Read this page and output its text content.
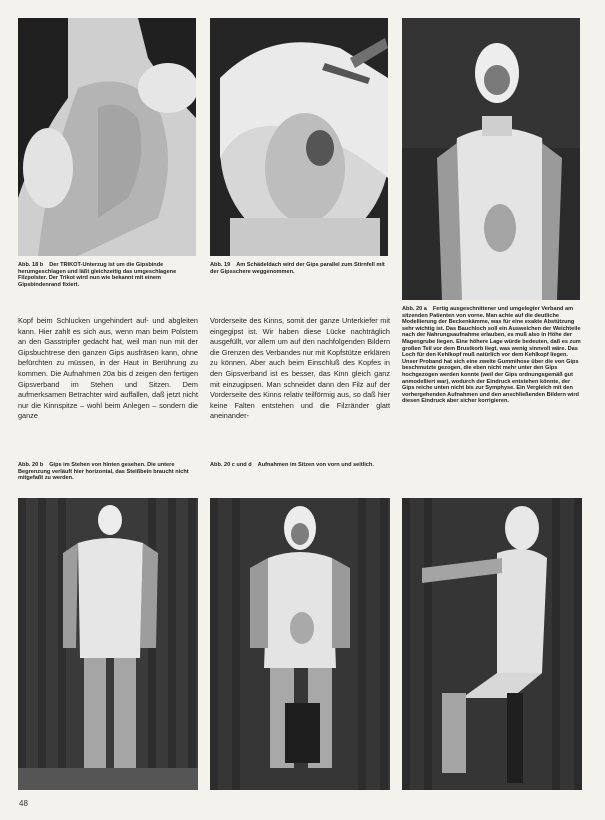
Abb. 18 b Der TRIKOT-Unterzug ist um die Gipsbinde herumgeschlagen und läßt gleichzeitig das umgeschlagene Filzpolster. Der Trikot wird nun wie bekannt mit einem Gipsbindenrand fixiert.

Abb. 19 Am Schädeldach wird der Gips parallel zum Stirnfell mit der Gipsschere weggenommen.

Abb. 20 a Fertig ausgeschnittener und umgelegter Verband am sitzenden Patienten von vorne. Man achte auf die deutliche Modellierung der Beckenkämme, was für eine exakte Abstützung sehr wichtig ist. Das Bauchloch soll ein Ausweichen der Weichteile nach der Nahrungsaufnahme erlauben, es muß also in Höhe der Magengrube liegen. Eine höhere Lage würde bedeuten, daß es zum großen Teil vor dem Brustkorb liegt, was wenig sinnvoll wäre. Das Loch für den Kehlkopf muß natürlich vor dem Kehlkopf liegen. Unser Proband hat sich eine zweite Gummihose über die von Gips beschmutzte gezogen, die eben nicht mehr unter den Gips hochgezogen werden konnte (weil der Gips ordnungsgemäß gut anmodelliert war), wodurch der Eindruck entstehen könnte, der Gips reiche unten nicht bis zur Symphyse. Ein Vergleich mit den vorhergehenden Aufnahmen und den anschließenden Bildern wird diesen Eindruck aber sicher korrigieren.

Kopf beim Schlucken ungehindert auf- und abgleiten kann. Hier zahlt es sich aus, wenn man beim Polstern an den Gasstripfer gedacht hat, weil man nun mit der Gipsbuchtrese den ganzen Gips ausfräsen kann, ohne befürchten zu müssen, in der Haut in Berührung zu kommen. Die Aufnahmen 20a bis d zeigen den fertigen Gipsverband im Stehen und Sitzen. Dem aufmerksamen Betrachter wird auffallen, daß jetzt nicht nur die Kinnspitze – wohl beim Anlegen – sondern die ganze

Vorderseite des Kinns, somit der ganze Unterkiefer mit eingegipst ist. Wir haben diese Lücke nachträglich ausgefüllt, vor allem um auf den nachfolgenden Bildern die Grenzen des Verbandes nur mit Kopfstütze erklären zu können. Aber auch beim Einschluß des Kopfes in den Gipsverband ist es besser, das Kinn gleich ganz mit einzugipsen. Man schneidet dann den Filz auf der Vorderseite des Kinns relativ teilförmig aus, so daß hier keine Falten entstehen und die Filzränder glatt aneinander-

Abb. 20 b Gips im Stehen von hinten gesehen. Die untere Begrenzung verläuft hier horizontal, das Steißbein braucht nicht mitgefaßt zu werden.

Abb. 20 c und d Aufnahmen im Sitzen von vorn und seitlich.

48
